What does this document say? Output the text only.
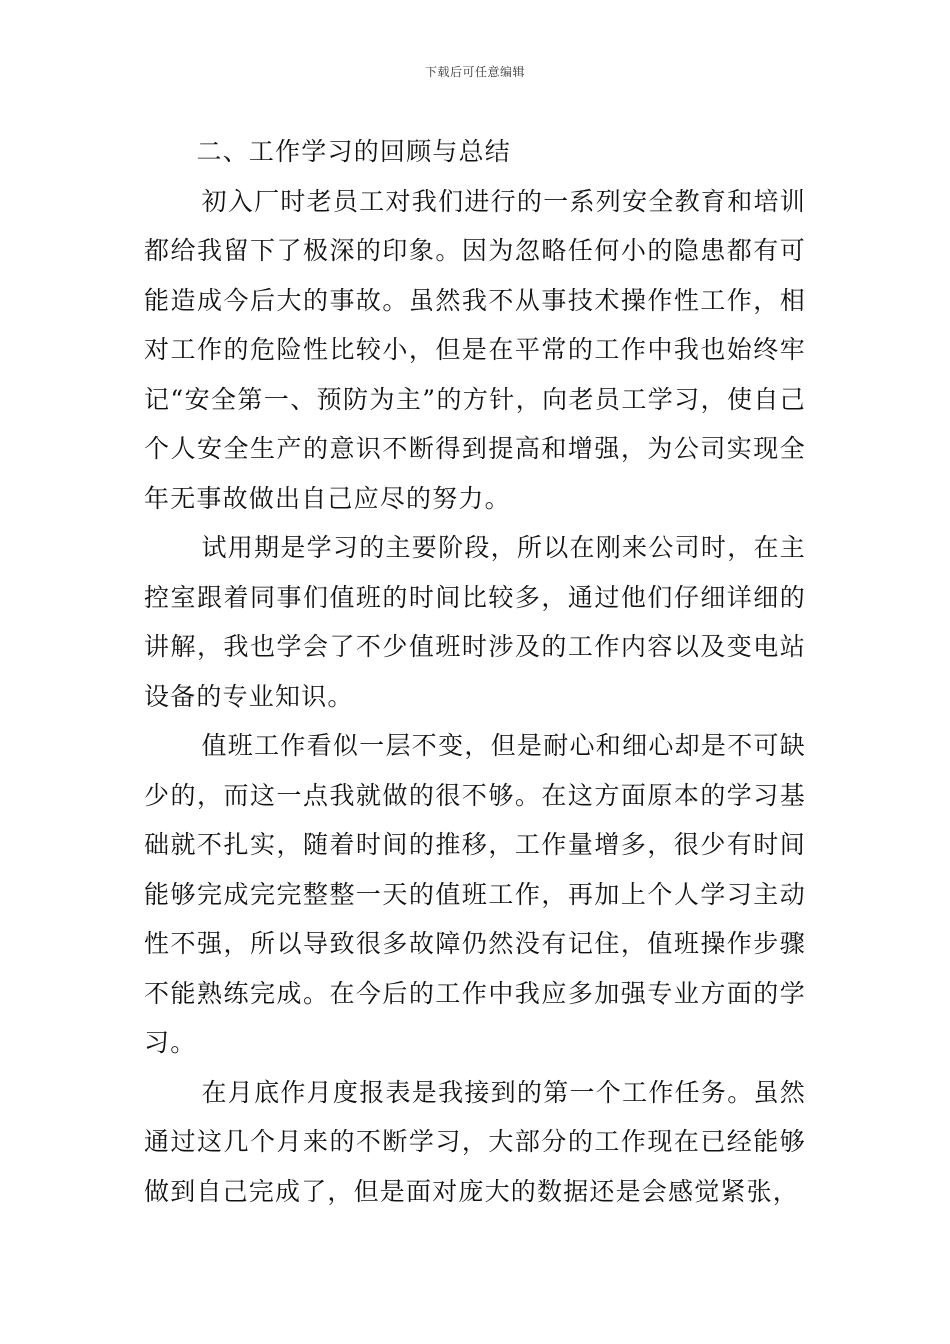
下载后可任意编辑

二、工作学习的回顾与总结

初入厂时老员工对我们进行的一系列安全教育和培训都给我留下了极深的印象。因为忽略任何小的隐患都有可能造成今后大的事故。虽然我不从事技术操作性工作，相对工作的危险性比较小，但是在平常的工作中我也始终牢记“安全第一、预防为主”的方针，向老员工学习，使自己个人安全生产的意识不断得到提高和增强，为公司实现全年无事故做出自己应尽的努力。

试用期是学习的主要阶段，所以在刚来公司时，在主控室跟着同事们值班的时间比较多，通过他们仔细详细的讲解，我也学会了不少值班时涉及的工作内容以及变电站设备的专业知识。

值班工作看似一层不变，但是耐心和细心却是不可缺少的，而这一点我就做的很不够。在这方面原本的学习基础就不扎实，随着时间的推移，工作量增多，很少有时间能够完成完完整整一天的值班工作，再加上个人学习主动性不强，所以导致很多故障仍然没有记住，值班操作步骤不能熟练完成。在今后的工作中我应多加强专业方面的学习。

在月底作月度报表是我接到的第一个工作任务。虽然通过这几个月来的不断学习，大部分的工作现在已经能够做到自己完成了，但是面对庞大的数据还是会感觉紧张，
